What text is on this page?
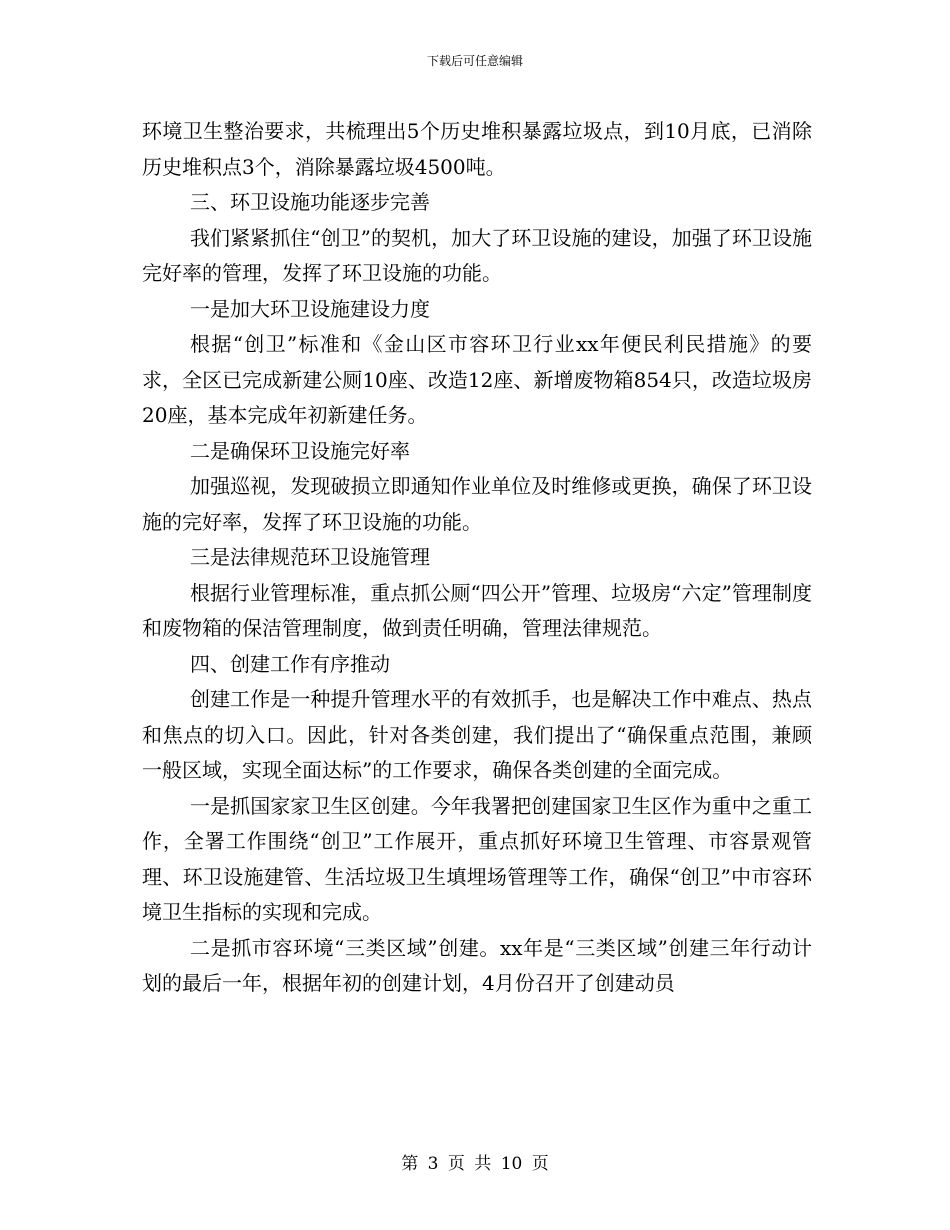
下载后可任意编辑

环境卫生整治要求，共梳理出5个历史堆积暴露垃圾点，到10月底，已消除历史堆积点3个，消除暴露垃圾4500吨。

三、环卫设施功能逐步完善

我们紧紧抓住“创卫”的契机，加大了环卫设施的建设，加强了环卫设施完好率的管理，发挥了环卫设施的功能。

一是加大环卫设施建设力度

根据“创卫”标准和《金山区市容环卫行业xx年便民利民措施》的要求，全区已完成新建公厕10座、改造12座、新增废物箱854只，改造垃圾房20座，基本完成年初新建任务。

二是确保环卫设施完好率

加强巡视，发现破损立即通知作业单位及时维修或更换，确保了环卫设施的完好率，发挥了环卫设施的功能。

三是法律规范环卫设施管理

根据行业管理标准，重点抓公厕“四公开”管理、垃圾房“六定”管理制度和废物箱的保洁管理制度，做到责任明确，管理法律规范。

四、创建工作有序推动

创建工作是一种提升管理水平的有效抓手，也是解决工作中难点、热点和焦点的切入口。因此，针对各类创建，我们提出了“确保重点范围，兼顾一般区域，实现全面达标”的工作要求，确保各类创建的全面完成。

一是抓国家家卫生区创建。今年我署把创建国家卫生区作为重中之重工作，全署工作围绕“创卫”工作展开，重点抓好环境卫生管理、市容景观管理、环卫设施建管、生活垃圾卫生填埋场管理等工作，确保“创卫”中市容环境卫生指标的实现和完成。

二是抓市容环境“三类区域”创建。xx年是“三类区域”创建三年行动计划的最后一年，根据年初的创建计划，4月份召开了创建动员

第 3 页 共 10 页
